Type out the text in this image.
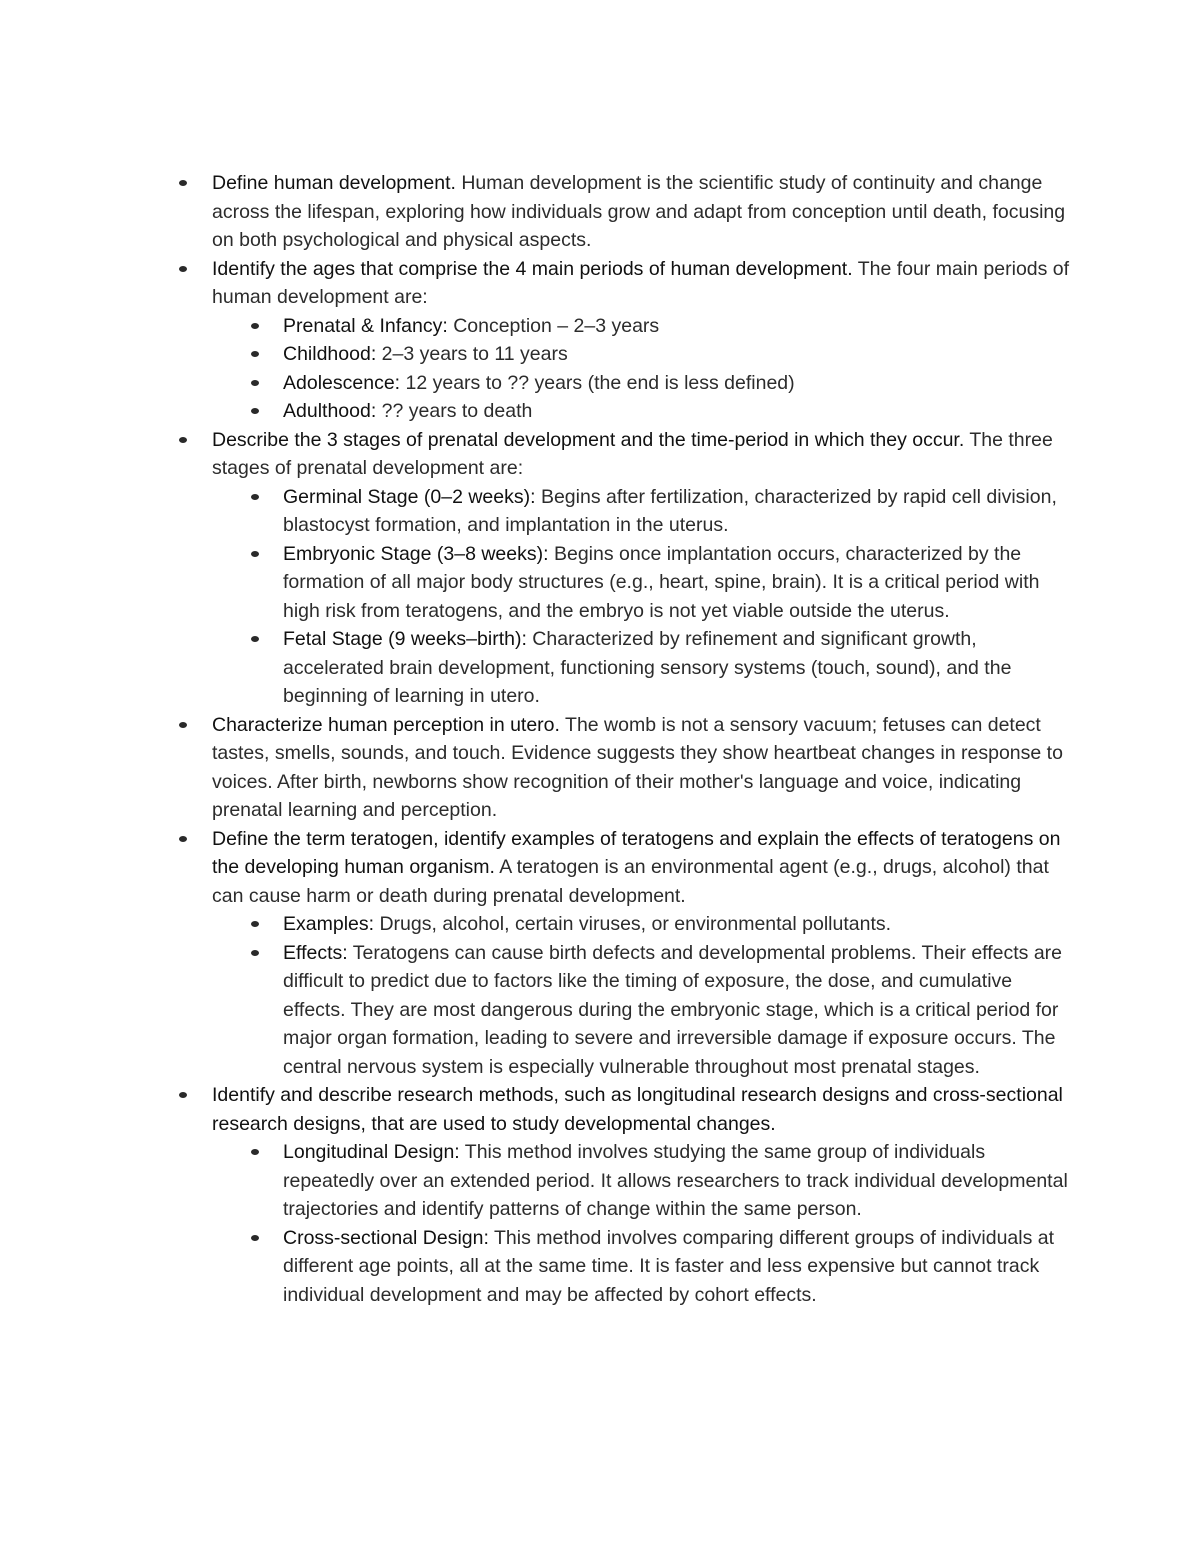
Define human development. Human development is the scientific study of continuity and change across the lifespan, exploring how individuals grow and adapt from conception until death, focusing on both psychological and physical aspects.
Identify the ages that comprise the 4 main periods of human development. The four main periods of human development are:
Prenatal & Infancy: Conception – 2–3 years
Childhood: 2–3 years to 11 years
Adolescence: 12 years to ?? years (the end is less defined)
Adulthood: ?? years to death
Describe the 3 stages of prenatal development and the time-period in which they occur. The three stages of prenatal development are:
Germinal Stage (0–2 weeks): Begins after fertilization, characterized by rapid cell division, blastocyst formation, and implantation in the uterus.
Embryonic Stage (3–8 weeks): Begins once implantation occurs, characterized by the formation of all major body structures (e.g., heart, spine, brain). It is a critical period with high risk from teratogens, and the embryo is not yet viable outside the uterus.
Fetal Stage (9 weeks–birth): Characterized by refinement and significant growth, accelerated brain development, functioning sensory systems (touch, sound), and the beginning of learning in utero.
Characterize human perception in utero. The womb is not a sensory vacuum; fetuses can detect tastes, smells, sounds, and touch. Evidence suggests they show heartbeat changes in response to voices. After birth, newborns show recognition of their mother's language and voice, indicating prenatal learning and perception.
Define the term teratogen, identify examples of teratogens and explain the effects of teratogens on the developing human organism. A teratogen is an environmental agent (e.g., drugs, alcohol) that can cause harm or death during prenatal development.
Examples: Drugs, alcohol, certain viruses, or environmental pollutants.
Effects: Teratogens can cause birth defects and developmental problems. Their effects are difficult to predict due to factors like the timing of exposure, the dose, and cumulative effects. They are most dangerous during the embryonic stage, which is a critical period for major organ formation, leading to severe and irreversible damage if exposure occurs. The central nervous system is especially vulnerable throughout most prenatal stages.
Identify and describe research methods, such as longitudinal research designs and cross-sectional research designs, that are used to study developmental changes.
Longitudinal Design: This method involves studying the same group of individuals repeatedly over an extended period. It allows researchers to track individual developmental trajectories and identify patterns of change within the same person.
Cross-sectional Design: This method involves comparing different groups of individuals at different age points, all at the same time. It is faster and less expensive but cannot track individual development and may be affected by cohort effects.
